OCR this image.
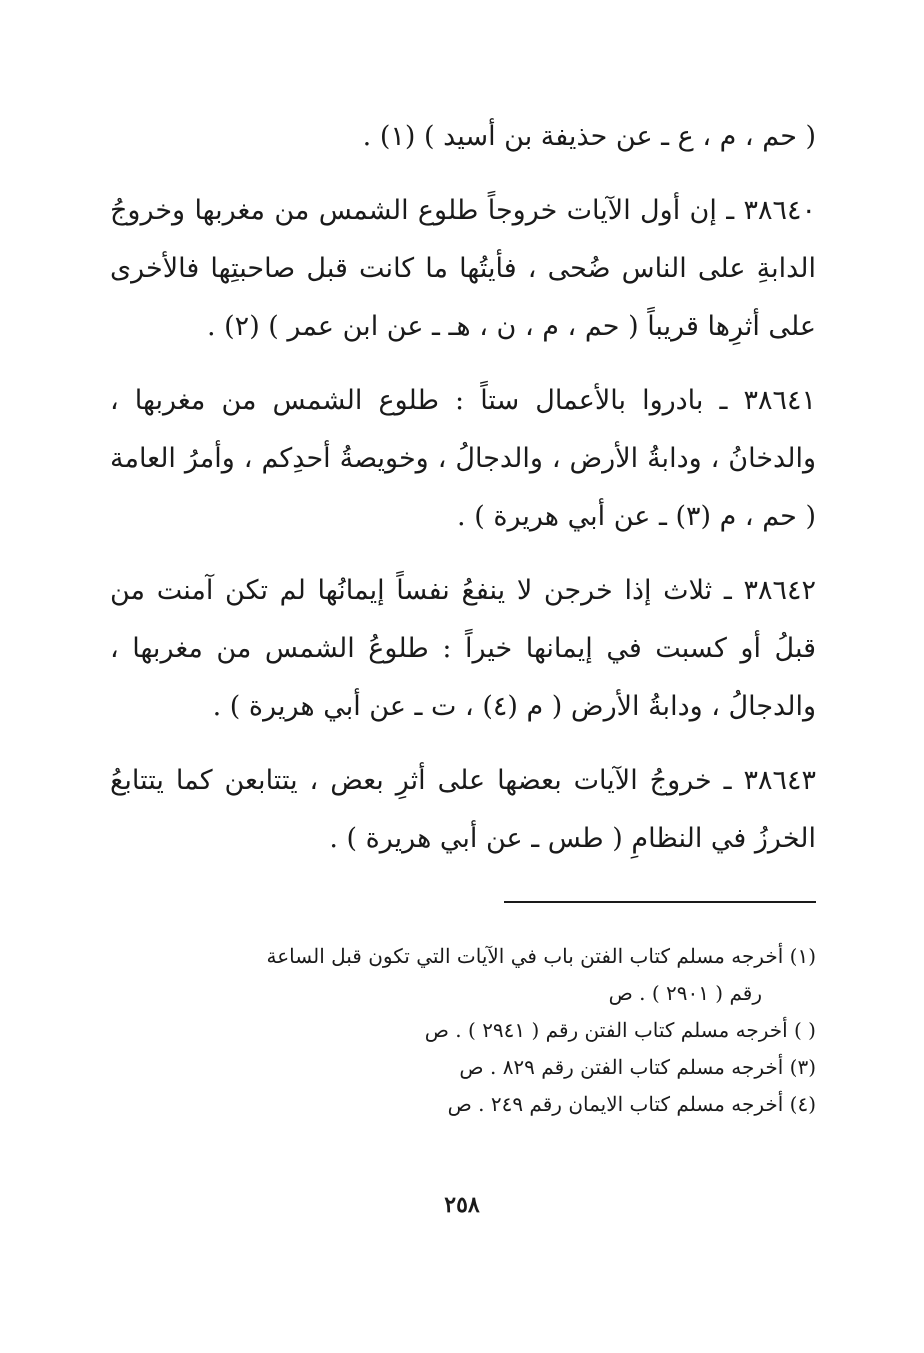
( حم ، م ، ع ـ عن حذيفة بن أسيد ) (١) .

٣٨٦٤٠ ـ إن أول الآيات خروجاً طلوع الشمس من مغربها وخروجُ الدابةِ على الناس ضُحى ، فأيتُها ما كانت قبل صاحبتِها فالأخرى على أثرِها قريباً ( حم ، م ، ن ، هـ ـ عن ابن عمر ) (٢) .

٣٨٦٤١ ـ بادروا بالأعمال ستاً : طلوع الشمس من مغربها ، والدخانُ ، ودابةُ الأرض ، والدجالُ ، وخويصةُ أحدِكم ، وأمرُ العامة ( حم ، م (٣) ـ عن أبي هريرة ) .

٣٨٦٤٢ ـ ثلاث إذا خرجن لا ينفعُ نفساً إيمانُها لم تكن آمنت من قبلُ أو كسبت في إيمانها خيراً : طلوعُ الشمس من مغربها ، والدجالُ ، ودابةُ الأرض ( م (٤) ، ت ـ عن أبي هريرة ) .

٣٨٦٤٣ ـ خروجُ الآيات بعضها على أثرِ بعض ، يتتابعن كما يتتابعُ الخرزُ في النظامِ ( طس ـ عن أبي هريرة ) .

(١) أخرجه مسلم كتاب الفتن باب في الآيات التي تكون قبل الساعة

رقم ( ٢٩٠١ ) . ص

( ) أخرجه مسلم كتاب الفتن رقم ( ٢٩٤١ ) . ص

(٣) أخرجه مسلم كتاب الفتن رقم ٨٢٩ . ص

(٤) أخرجه مسلم كتاب الايمان رقم ٢٤٩ . ص

٢٥٨
